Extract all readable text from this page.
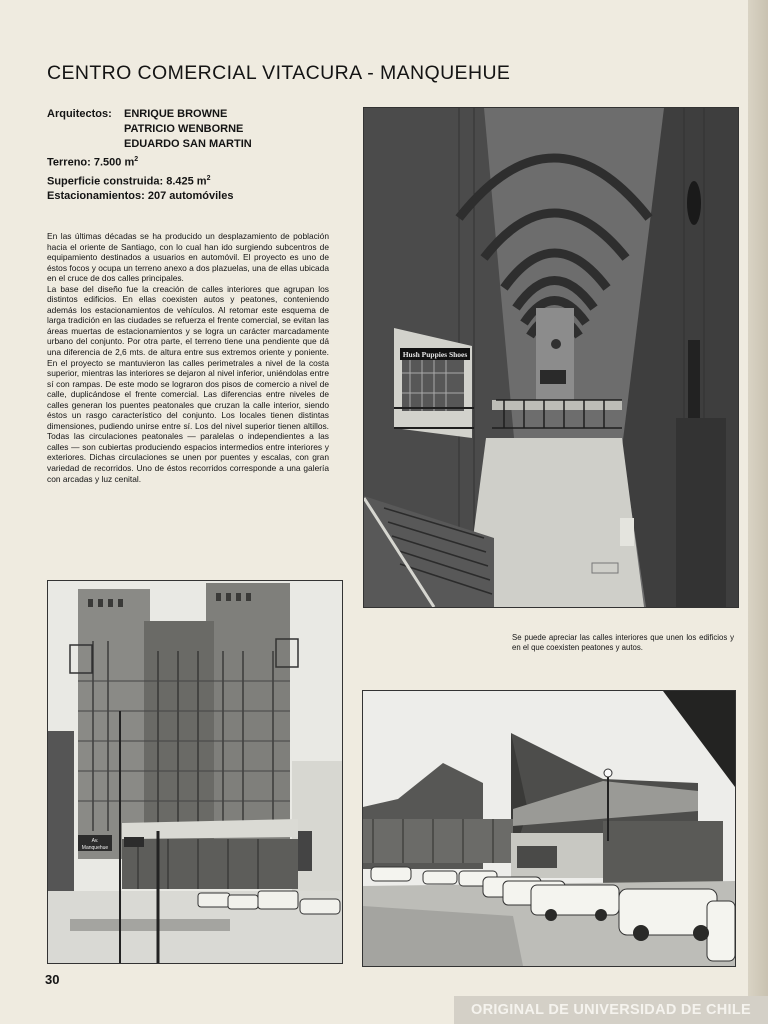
CENTRO COMERCIAL VITACURA - MANQUEHUE
Arquitectos: ENRIQUE BROWNE
PATRICIO WENBORNE
EDUARDO SAN MARTIN
Terreno: 7.500 $m^2$
Superficie construida: 8.425 $m^2$
Estacionamientos: 207 automóviles

En las últimas décadas se ha producido un desplazamiento de población hacia el oriente de Santiago, con lo cual han ido surgiendo subcentros de equipamiento destinados a usuarios en automóvil. El proyecto es uno de éstos focos y ocupa un terreno anexo a dos plazuelas, una de ellas ubicada en el cruce de dos calles principales.

La base del diseño fue la creación de calles interiores que agrupan los distintos edificios. En ellas coexisten autos y peatones, conteniendo además los estacionamientos de vehículos. Al retomar este esquema de larga tradición en las ciudades se refuerza el frente comercial, se evitan las áreas muertas de estacionamientos y se logra un carácter marcadamente urbano del conjunto. Por otra parte, el terreno tiene una pendiente que dá una diferencia de 2,6 mts. de altura entre sus extremos oriente y poniente. En el proyecto se mantuvieron las calles perimetrales a nivel de la costa superior, mientras las interiores se dejaron al nivel inferior, uniéndolas entre sí con rampas. De este modo se lograron dos pisos de comercio a nivel de calle, duplicándose el frente comercial. Las diferencias entre niveles de calles generan los puentes peatonales que cruzan la calle interior, siendo éstos un rasgo característico del conjunto. Los locales tienen distintas dimensiones, pudiendo unirse entre sí. Los del nivel superior tienen altillos. Todas las circulaciones peatonales — paralelas o independientes a las calles — son cubiertas produciendo espacios intermedios entre interiores y exteriores. Dichas circulaciones se unen por puentes y escalas, con gran variedad de recorridos. Uno de éstos recorridos corresponde a una galería con arcadas y luz cenital.

Hush Puppies Shoes
Se puede apreciar las calles interiores que unen los edificios y en el que coexisten peatones y autos.
Av.
Manquehue
30
ORIGINAL DE UNIVERSIDAD DE CHILE
